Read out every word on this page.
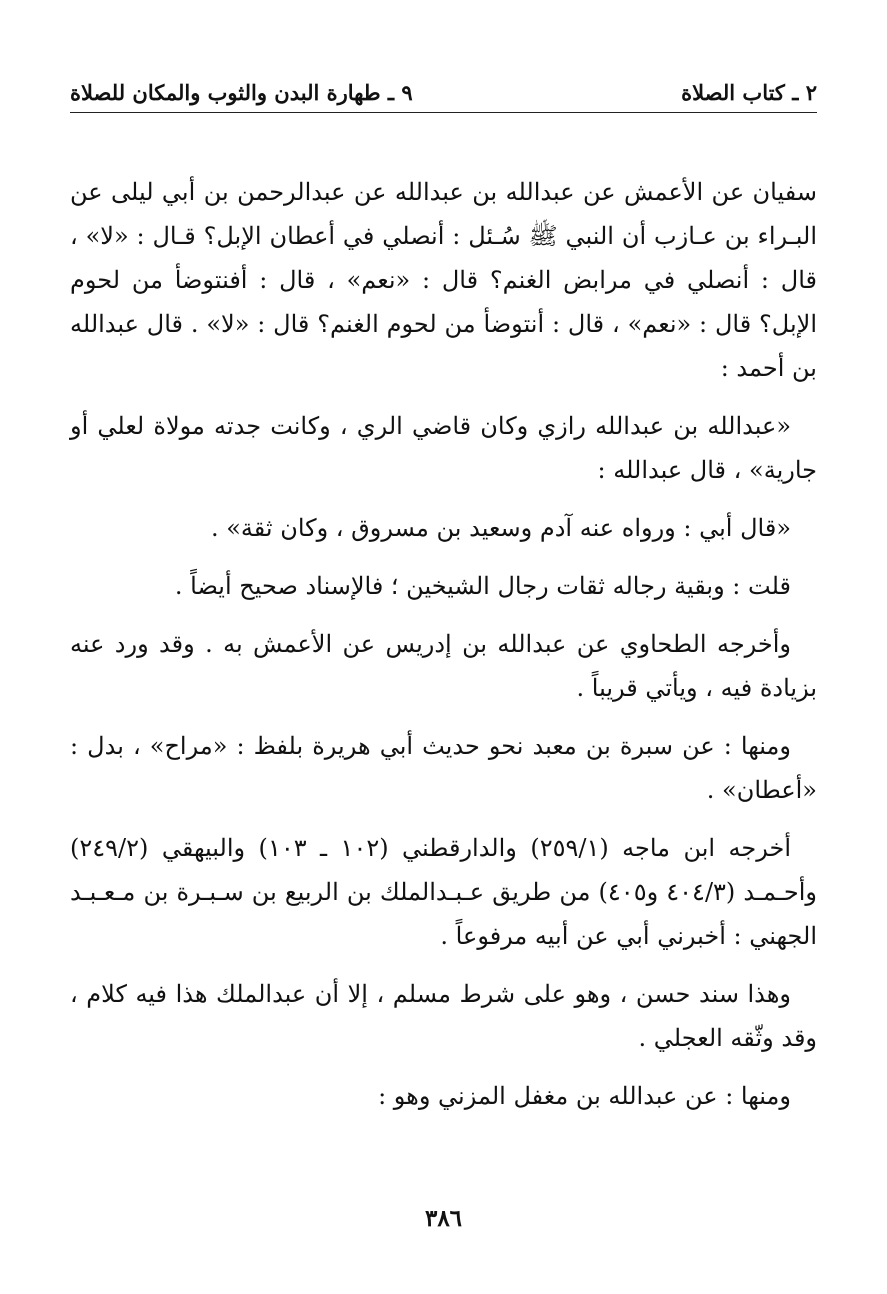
٢ ـ كتاب الصلاة
٩ ـ طهارة البدن والثوب والمكان للصلاة

سفيان عن الأعمش عن عبدالله بن عبدالله عن عبدالرحمن بن أبي ليلى عن البـراء بن عـازب أن النبي ﷺ سُـئل : أنصلي في أعطان الإبل؟ قـال : «لا» ، قال : أنصلي في مرابض الغنم؟ قال : «نعم» ، قال : أفنتوضأ من لحوم الإبل؟ قال : «نعم» ، قال : أنتوضأ من لحوم الغنم؟ قال : «لا» . قال عبدالله بن أحمد :

«عبدالله بن عبدالله رازي وكان قاضي الري ، وكانت جدته مولاة لعلي أو جارية» ، قال عبدالله :

«قال أبي : ورواه عنه آدم وسعيد بن مسروق ، وكان ثقة» .

قلت : وبقية رجاله ثقات رجال الشيخين ؛ فالإسناد صحيح أيضاً .

وأخرجه الطحاوي عن عبدالله بن إدريس عن الأعمش به . وقد ورد عنه بزيادة فيه ، ويأتي قريباً .

ومنها : عن سبرة بن معبد نحو حديث أبي هريرة بلفظ : «مراح» ، بدل : «أعطان» .

أخرجه ابن ماجه (٢٥٩/١) والدارقطني (١٠٢ ـ ١٠٣) والبيهقي (٢٤٩/٢) وأحـمـد (٤٠٤/٣ و٤٠٥) من طريق عـبـدالملك بن الربيع بن سـبـرة بن مـعـبـد الجهني : أخبرني أبي عن أبيه مرفوعاً .

وهذا سند حسن ، وهو على شرط مسلم ، إلا أن عبدالملك هذا فيه كلام ، وقد وثّقه العجلي .

ومنها : عن عبدالله بن مغفل المزني وهو :

٣٨٦
